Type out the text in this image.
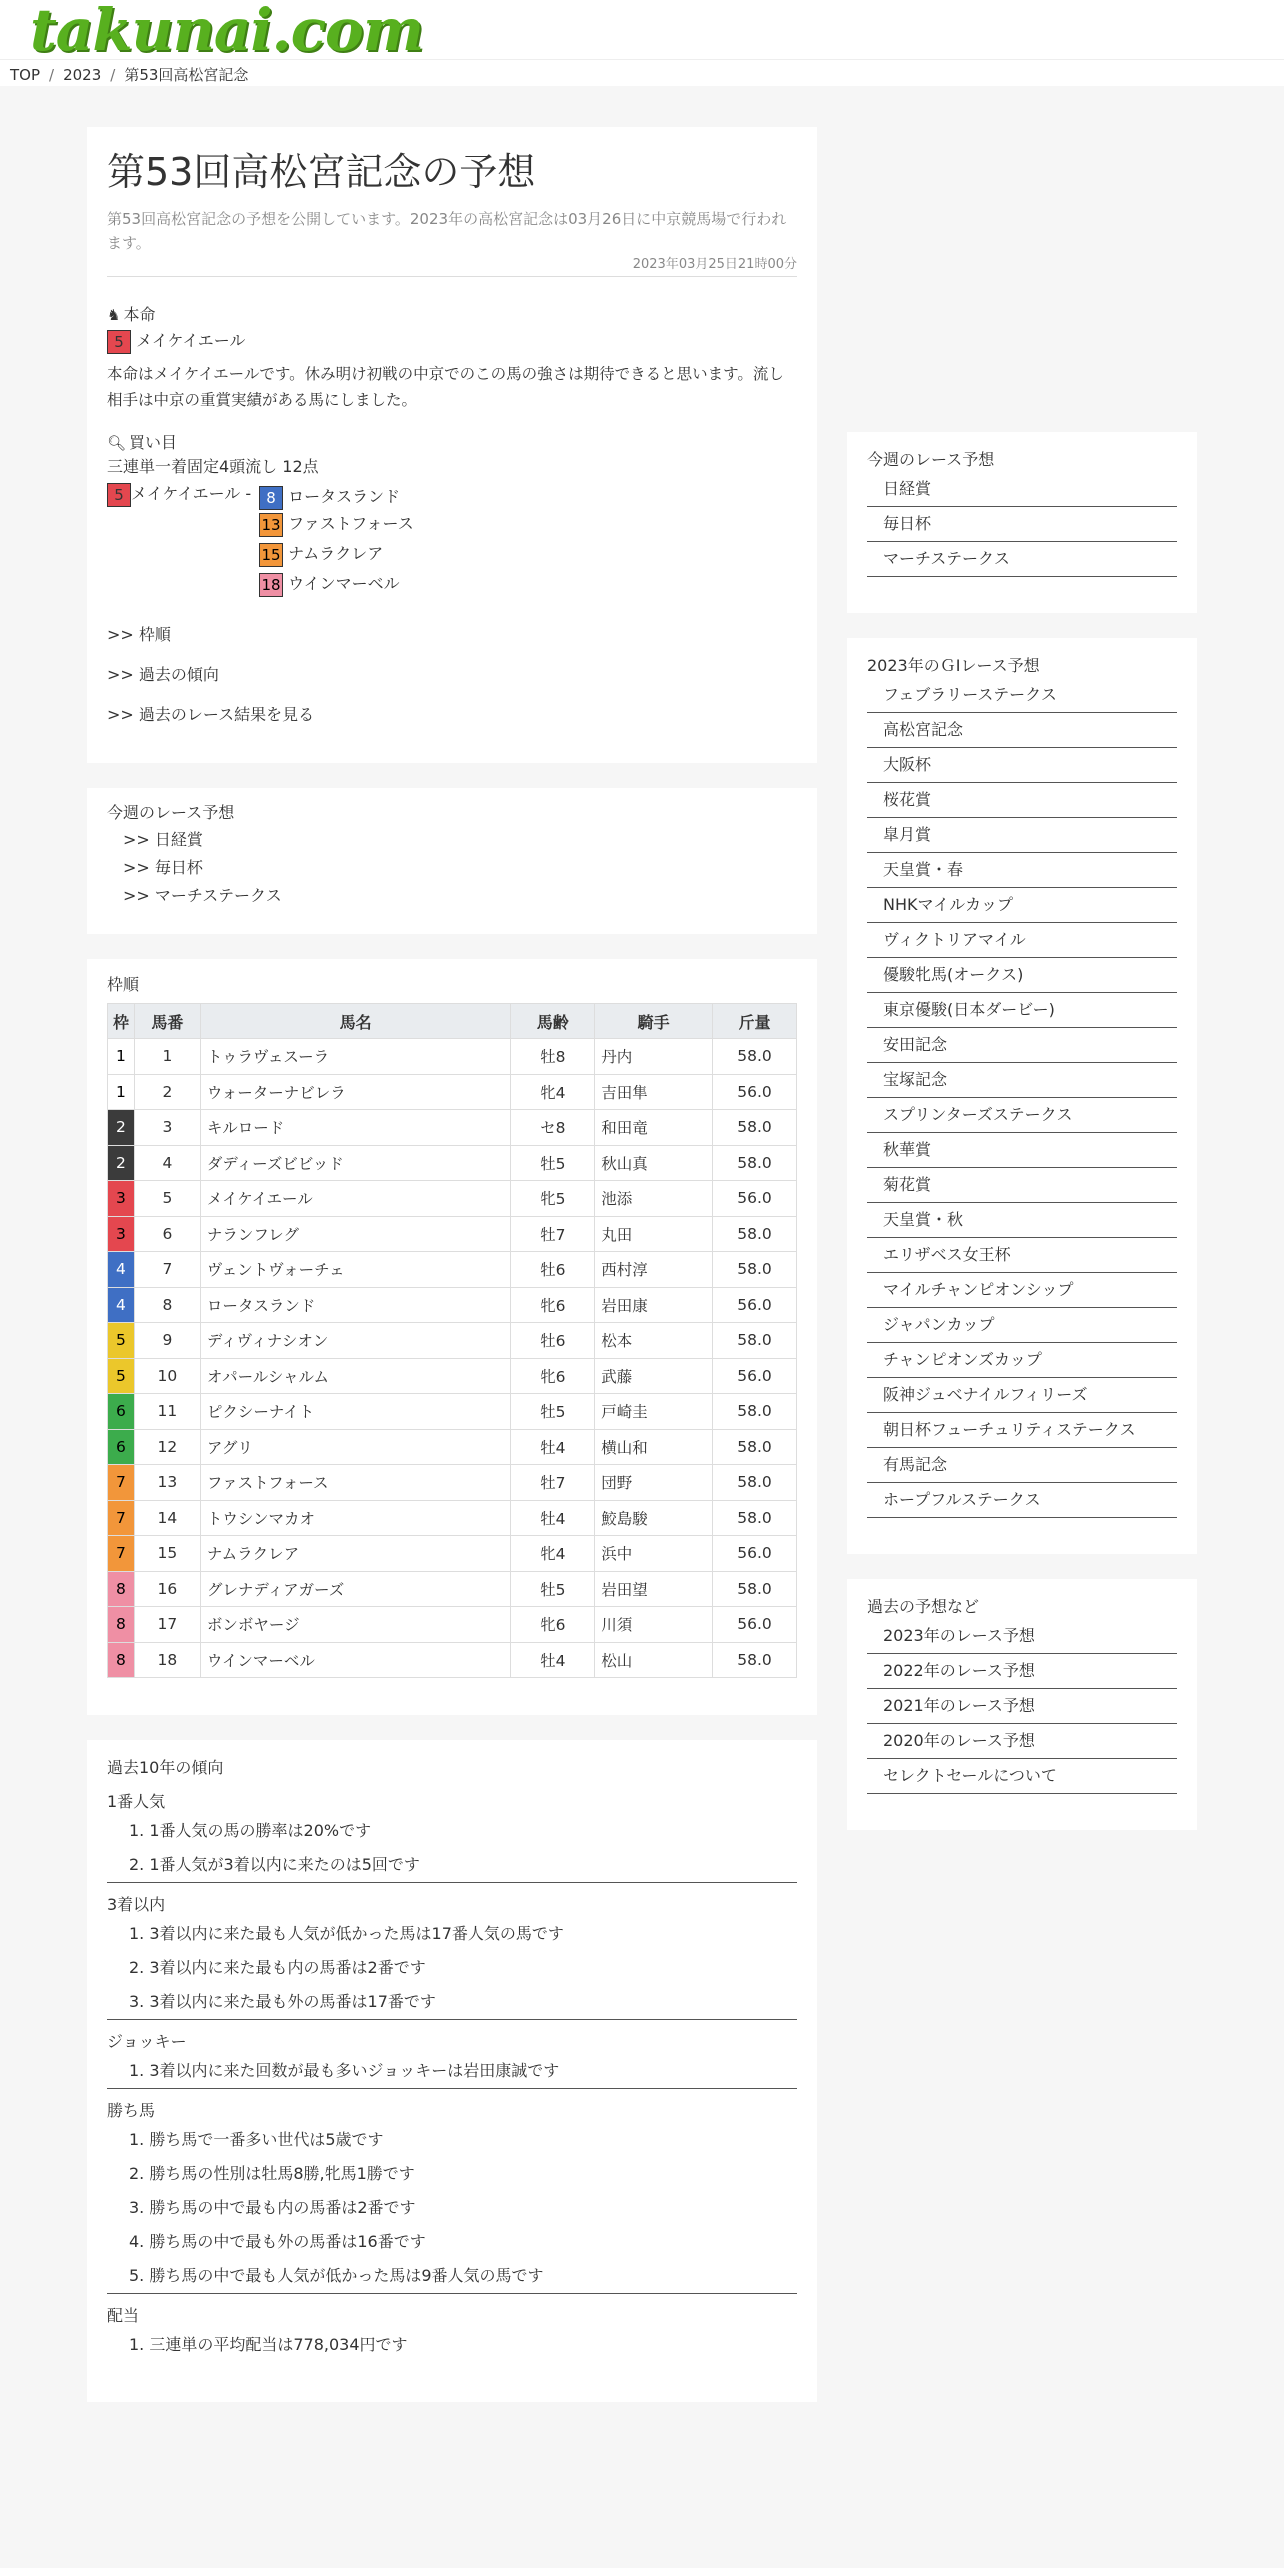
takunai.com
TOP / 2023 / 第53回高松宮記念
第53回高松宮記念の予想
第53回高松宮記念の予想を公開しています。2023年の高松宮記念は03月26日に中京競馬場で行われます。
2023年03月25日21時00分
♞ 本命
5 メイケイエール
本命はメイケイエールです。休み明け初戦の中京でのこの馬の強さは期待できると思います。流し相手は中京の重賞実績がある馬にしました。
🔍︎ 買い目
三連単一着固定4頭流し 12点
5 メイケイエール -	8 ロータスランド
13 ファストフォース
15 ナムラクレア
18 ウインマーベル
>> 枠順
>> 過去の傾向
>> 過去のレース結果を見る
今週のレース予想
>> 日経賞
>> 毎日杯
>> マーチステークス
枠順
枠	馬番	馬名	馬齢	騎手	斤量
1	1	トゥラヴェスーラ	牡8	丹内	58.0
1	2	ウォーターナビレラ	牝4	吉田隼	56.0
2	3	キルロード	セ8	和田竜	58.0
2	4	ダディーズビビッド	牡5	秋山真	58.0
3	5	メイケイエール	牝5	池添	56.0
3	6	ナランフレグ	牡7	丸田	58.0
4	7	ヴェントヴォーチェ	牡6	西村淳	58.0
4	8	ロータスランド	牝6	岩田康	56.0
5	9	ディヴィナシオン	牡6	松本	58.0
5	10	オパールシャルム	牝6	武藤	56.0
6	11	ピクシーナイト	牡5	戸崎圭	58.0
6	12	アグリ	牡4	横山和	58.0
7	13	ファストフォース	牡7	団野	58.0
7	14	トウシンマカオ	牡4	鮫島駿	58.0
7	15	ナムラクレア	牝4	浜中	56.0
8	16	グレナディアガーズ	牡5	岩田望	58.0
8	17	ボンボヤージ	牝6	川須	56.0
8	18	ウインマーベル	牡4	松山	58.0
過去10年の傾向
1番人気
1. 1番人気の馬の勝率は20%です
2. 1番人気が3着以内に来たのは5回です
3着以内
1. 3着以内に来た最も人気が低かった馬は17番人気の馬です
2. 3着以内に来た最も内の馬番は2番です
3. 3着以内に来た最も外の馬番は17番です
ジョッキー
1. 3着以内に来た回数が最も多いジョッキーは岩田康誠です
勝ち馬
1. 勝ち馬で一番多い世代は5歳です
2. 勝ち馬の性別は牡馬8勝,牝馬1勝です
3. 勝ち馬の中で最も内の馬番は2番です
4. 勝ち馬の中で最も外の馬番は16番です
5. 勝ち馬の中で最も人気が低かった馬は9番人気の馬です
配当
1. 三連単の平均配当は778,034円です
今週のレース予想
日経賞
毎日杯
マーチステークス
2023年のＧⅠレース予想
フェブラリーステークス
高松宮記念
大阪杯
桜花賞
皐月賞
天皇賞・春
NHKマイルカップ
ヴィクトリアマイル
優駿牝馬(オークス)
東京優駿(日本ダービー)
安田記念
宝塚記念
スプリンターズステークス
秋華賞
菊花賞
天皇賞・秋
エリザベス女王杯
マイルチャンピオンシップ
ジャパンカップ
チャンピオンズカップ
阪神ジュベナイルフィリーズ
朝日杯フューチュリティステークス
有馬記念
ホープフルステークス
過去の予想など
2023年のレース予想
2022年のレース予想
2021年のレース予想
2020年のレース予想
セレクトセールについて
